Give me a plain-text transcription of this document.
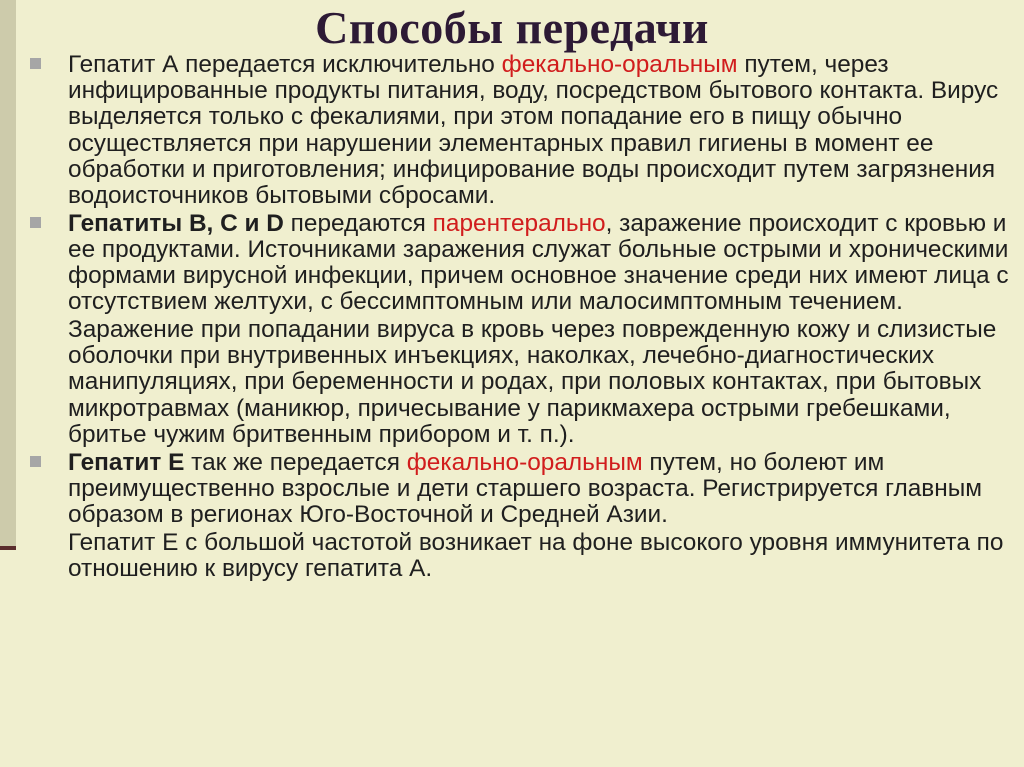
Способы передачи

Гепатит А передается исключительно фекально-оральным путем, через инфицированные продукты питания, воду, посредством бытового контакта. Вирус выделяется только с фекалиями, при этом попадание его в пищу обычно осуществляется при нарушении элементарных правил гигиены в момент ее обработки и приготовления; инфицирование воды происходит путем загрязнения водоисточников бытовыми сбросами.

Гепатиты B, C и D передаются парентерально, заражение происходит с кровью и ее продуктами. Источниками заражения служат больные острыми и хроническими формами вирусной инфекции, причем основное значение среди них имеют лица с отсутствием желтухи, с бессимптомным или малосимптомным течением.

Заражение при попадании вируса в кровь через поврежденную кожу и слизистые оболочки при внутривенных инъекциях, наколках, лечебно-диагностических манипуляциях, при беременности и родах, при половых контактах, при бытовых микротравмах (маникюр, причесывание у парикмахера острыми гребешками, бритье чужим бритвенным прибором и т. п.).

Гепатит E так же передается фекально-оральным путем, но болеют им преимущественно взрослые и дети старшего возраста. Регистрируется главным образом в регионах Юго-Восточной и Средней Азии.

Гепатит Е с большой частотой возникает на фоне высокого уровня иммунитета по отношению к вирусу гепатита А.
